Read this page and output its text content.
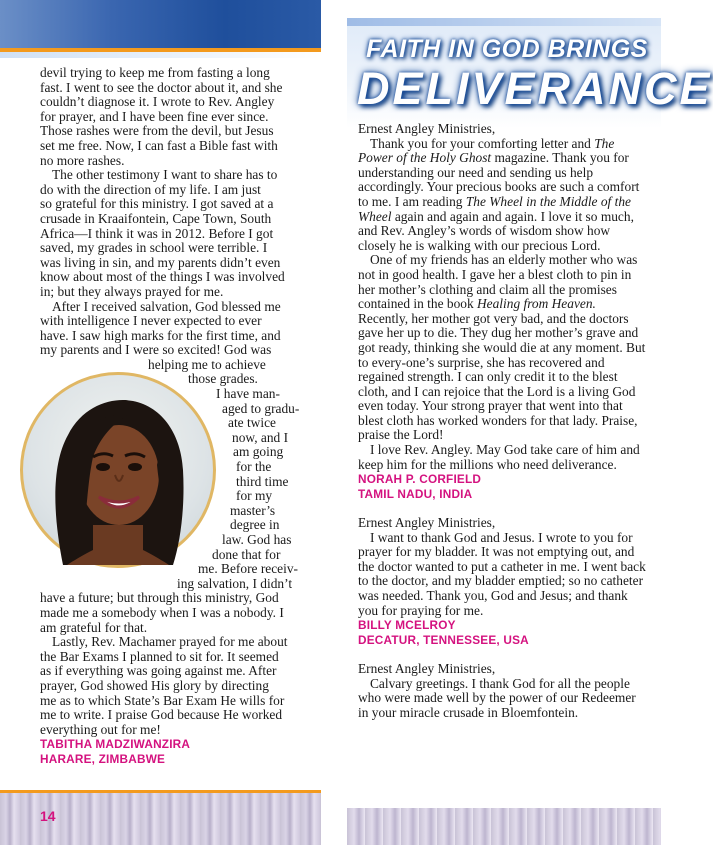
FAITH IN GOD BRINGS
DELIVERANCE

devil trying to keep me from fasting a long
fast. I went to see the doctor about it, and she
couldn’t diagnose it. I wrote to Rev. Angley
for prayer, and I have been fine ever since.
Those rashes were from the devil, but Jesus
set me free. Now, I can fast a Bible fast with
no more rashes.

The other testimony I want to share has to
do with the direction of my life. I am just
so grateful for this ministry. I got saved at a
crusade in Kraaifontein, Cape Town, South
Africa—I think it was in 2012. Before I got
saved, my grades in school were terrible. I
was living in sin, and my parents didn’t even
know about most of the things I was involved
in; but they always prayed for me.

After I received salvation, God blessed me
with intelligence I never expected to ever
have. I saw high marks for the first time, and
my parents and I were so excited! God was
helping me to achieve
those grades.
I have man-
aged to gradu-
ate twice
now, and I
am going
for the
third time
for my
master’s
degree in
law. God has
done that for
me. Before receiv-
ing salvation, I didn’t
have a future; but through this ministry, God
made me a somebody when I was a nobody. I
am grateful for that.

Lastly, Rev. Machamer prayed for me about
the Bar Exams I planned to sit for. It seemed
as if everything was going against me. After
prayer, God showed His glory by directing
me as to which State’s Bar Exam He wills for
me to write. I praise God because He worked
everything out for me!

TABITHA MADZIWANZIRA
HARARE, ZIMBABWE

Ernest Angley Ministries,

Thank you for your comforting letter and The Power of the Holy Ghost magazine. Thank you for understanding our need and sending us help accordingly. Your precious books are such a comfort to me. I am reading The Wheel in the Middle of the Wheel again and again and again. I love it so much, and Rev. Angley’s words of wisdom show how closely he is walking with our precious Lord.

One of my friends has an elderly mother who was not in good health. I gave her a blest cloth to pin in her mother’s clothing and claim all the promises contained in the book Healing from Heaven. Recently, her mother got very bad, and the doctors gave her up to die. They dug her mother’s grave and got ready, thinking she would die at any moment. But to every-one’s surprise, she has recovered and regained strength. I can only credit it to the blest cloth, and I can rejoice that the Lord is a living God even today. Your strong prayer that went into that blest cloth has worked wonders for that lady. Praise, praise the Lord!

I love Rev. Angley. May God take care of him and keep him for the millions who need deliverance.

NORAH P. CORFIELD
TAMIL NADU, INDIA

Ernest Angley Ministries,

I want to thank God and Jesus. I wrote to you for prayer for my bladder. It was not emptying out, and the doctor wanted to put a catheter in me. I went back to the doctor, and my bladder emptied; so no catheter was needed. Thank you, God and Jesus; and thank you for praying for me.

BILLY MCELROY
DECATUR, TENNESSEE, USA

Ernest Angley Ministries,

Calvary greetings. I thank God for all the people who were made well by the power of our Redeemer in your miracle crusade in Bloemfontein.

14
